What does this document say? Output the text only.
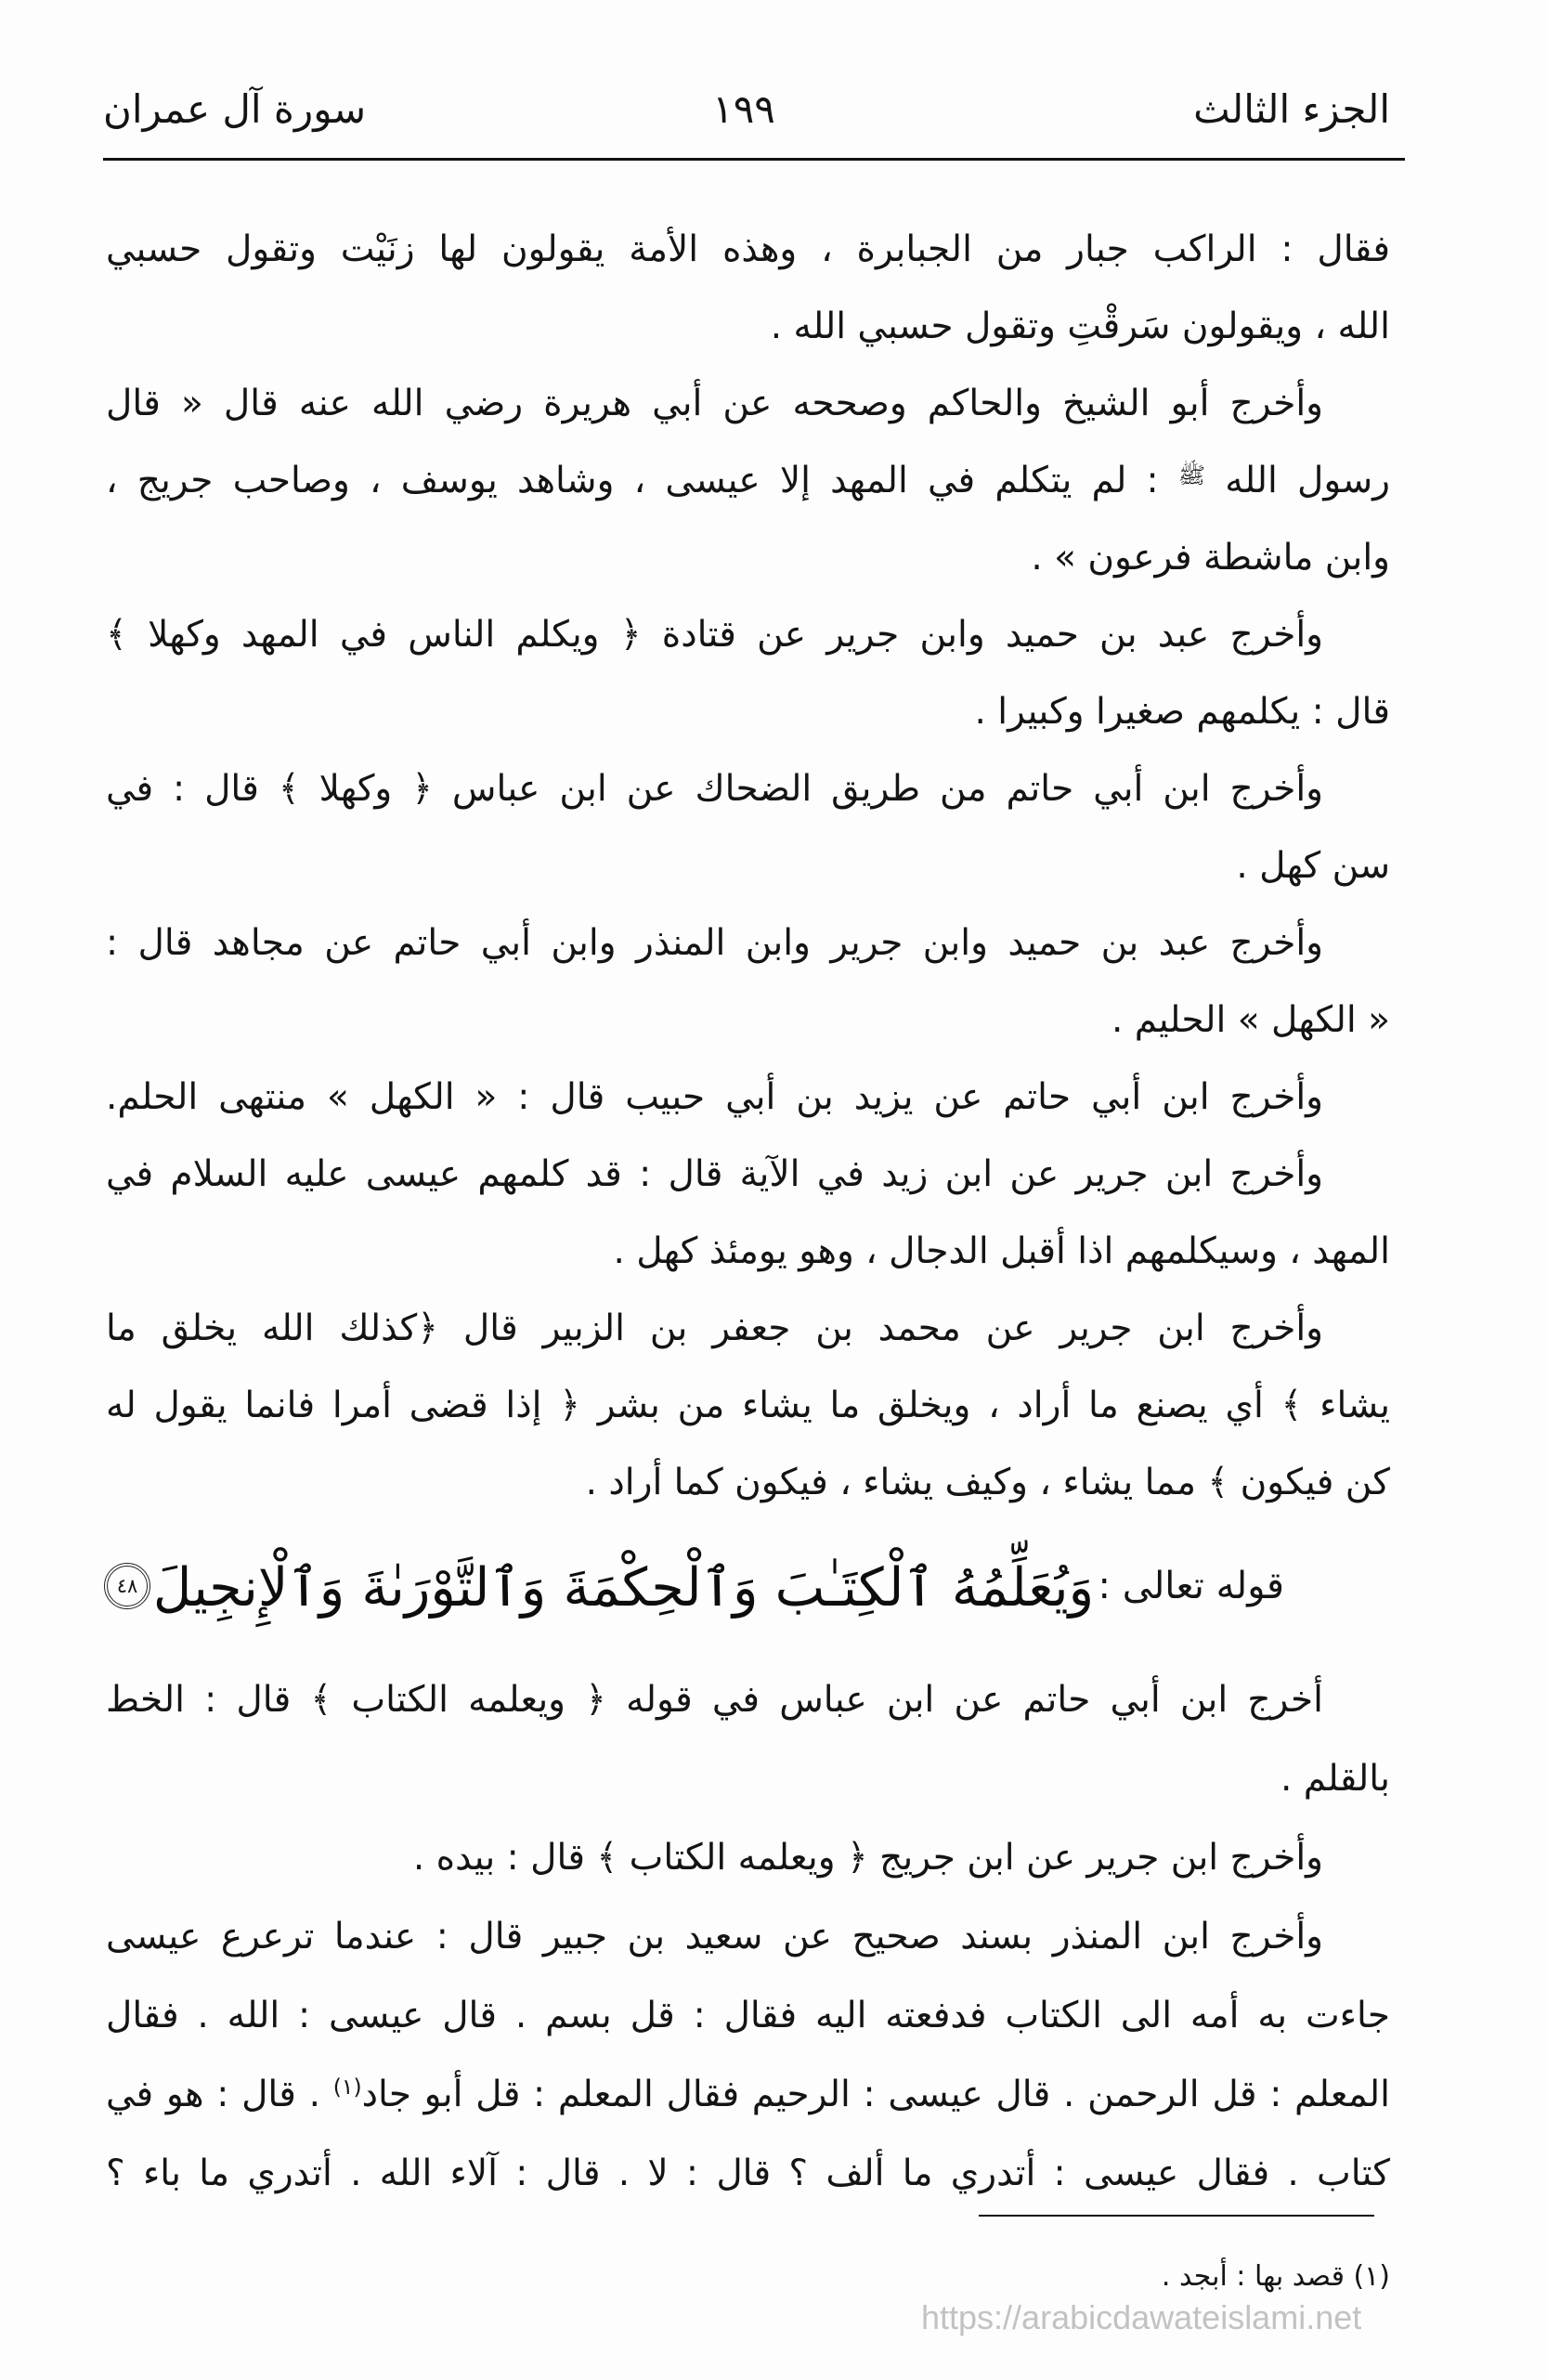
الجزء الثالث
١٩٩
سورة آل عمران
فقال : الراكب جبار من الجبابرة ، وهذه الأمة يقولون لها زنَيْت وتقول حسبي
الله ، ويقولون سَرقْتِ وتقول حسبي الله .
وأخرج أبو الشيخ والحاكم وصححه عن أبي هريرة رضي الله عنه قال « قال
رسول الله $^ﷺ$ : لم يتكلم في المهد إلا عيسى ، وشاهد يوسف ، وصاحب جريج ،
وابن ماشطة فرعون » .
وأخرج عبد بن حميد وابن جرير عن قتادة ﴿ ويكلم الناس في المهد وكهلا ﴾
قال : يكلمهم صغيرا وكبيرا .
وأخرج ابن أبي حاتم من طريق الضحاك عن ابن عباس ﴿ وكهلا ﴾ قال : في
سن كهل .
وأخرج عبد بن حميد وابن جرير وابن المنذر وابن أبي حاتم عن مجاهد قال :
« الكهل » الحليم .
وأخرج ابن أبي حاتم عن يزيد بن أبي حبيب قال : « الكهل » منتهى الحلم.
وأخرج ابن جرير عن ابن زيد في الآية قال : قد كلمهم عيسى عليه السلام في
المهد ، وسيكلمهم اذا أقبل الدجال ، وهو يومئذ كهل .
وأخرج ابن جرير عن محمد بن جعفر بن الزبير قال ﴿كذلك الله يخلق ما
يشاء ﴾ أي يصنع ما أراد ، ويخلق ما يشاء من بشر ﴿ إذا قضى أمرا فانما يقول له
كن فيكون ﴾ مما يشاء ، وكيف يشاء ، فيكون كما أراد .
قوله تعالى :
وَيُعَلِّمُهُ ٱلْكِتَـٰبَ وَٱلْحِكْمَةَ وَٱلتَّوْرَىٰةَ وَٱلْإِنجِيلَ
٤٨
أخرج ابن أبي حاتم عن ابن عباس في قوله ﴿ ويعلمه الكتاب ﴾ قال : الخط
بالقلم .
وأخرج ابن جرير عن ابن جريج ﴿ ويعلمه الكتاب ﴾ قال : بيده .
وأخرج ابن المنذر بسند صحيح عن سعيد بن جبير قال : عندما ترعرع عيسى
جاءت به أمه الى الكتاب فدفعته اليه فقال : قل بسم . قال عيسى : الله . فقال
المعلم : قل الرحمن . قال عيسى : الرحيم فقال المعلم : قل أبو جاد$^{(١)}$ . قال : هو في
كتاب . فقال عيسى : أتدري ما ألف ؟ قال : لا . قال : آلاء الله . أتدري ما باء ؟
(١) قصد بها : أبجد .
https://arabicdawateislami.net
